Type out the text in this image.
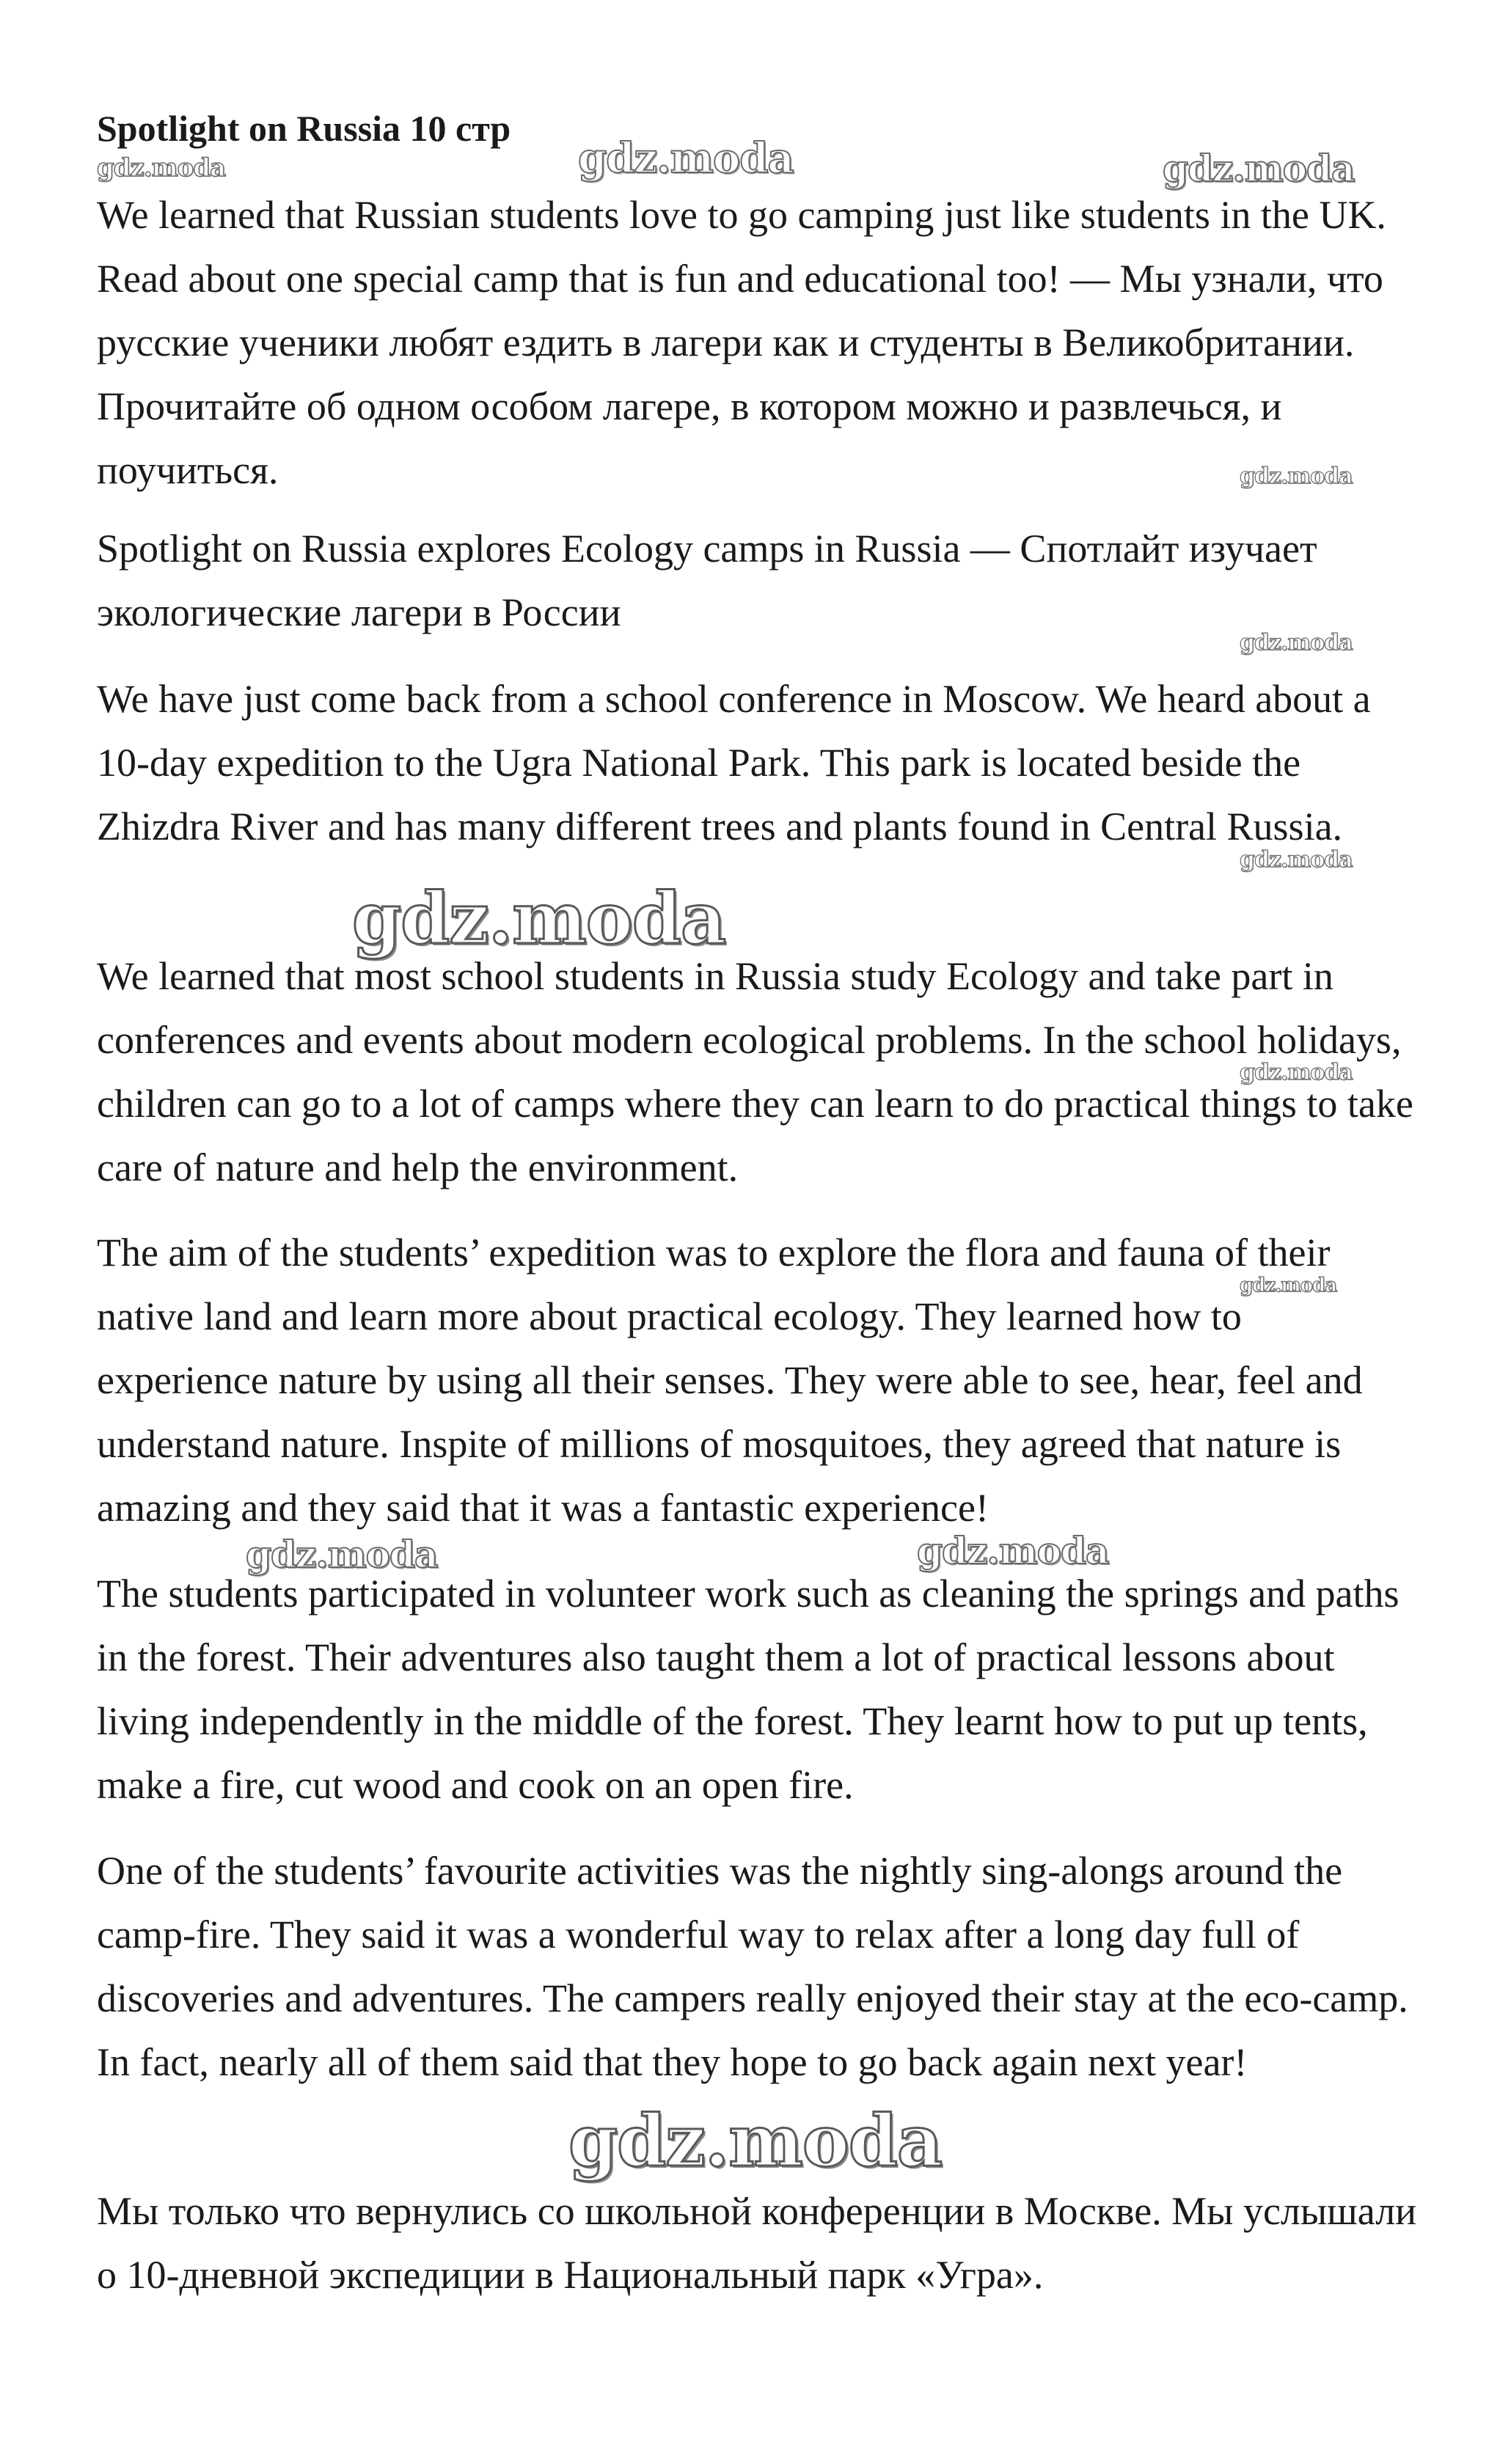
Spotlight on Russia 10 стр

We learned that Russian students love to go camping just like students in the UK. Read about one special camp that is fun and educational too! — Мы узнали, что русские ученики любят ездить в лагери как и студенты в Великобритании. Прочитайте об одном особом лагере, в котором можно и развлечься, и поучиться.

Spotlight on Russia explores Ecology camps in Russia — Спотлайт изучает экологические лагери в России

We have just come back from a school conference in Moscow. We heard about a 10-day expedition to the Ugra National Park. This park is located beside the Zhizdra River and has many different trees and plants found in Central Russia.

We learned that most school students in Russia study Ecology and take part in conferences and events about modern ecological problems. In the school holidays, children can go to a lot of camps where they can learn to do practical things to take care of nature and help the environment.

The aim of the students’ expedition was to explore the flora and fauna of their native land and learn more about practical ecology. They learned how to experience nature by using all their senses. They were able to see, hear, feel and understand nature. Inspite of millions of mosquitoes, they agreed that nature is amazing and they said that it was a fantastic experience!

The students participated in volunteer work such as cleaning the springs and paths in the forest. Their adventures also taught them a lot of practical lessons about living independently in the middle of the forest. They learnt how to put up tents, make a fire, cut wood and cook on an open fire.

One of the students’ favourite activities was the nightly sing-alongs around the camp-fire. They said it was a wonderful way to relax after a long day full of discoveries and adventures. The campers really enjoyed their stay at the eco-camp. In fact, nearly all of them said that they hope to go back again next year!

Мы только что вернулись со школьной конференции в Москве. Мы услышали о 10-дневной экспедиции в Национальный парк «Угра».

gdz.moda	gdz.moda	gdz.moda
gdz.moda
gdz.moda
gdz.moda
gdz.moda
gdz.moda
gdz.moda
gdz.moda	gdz.moda
gdz.moda
